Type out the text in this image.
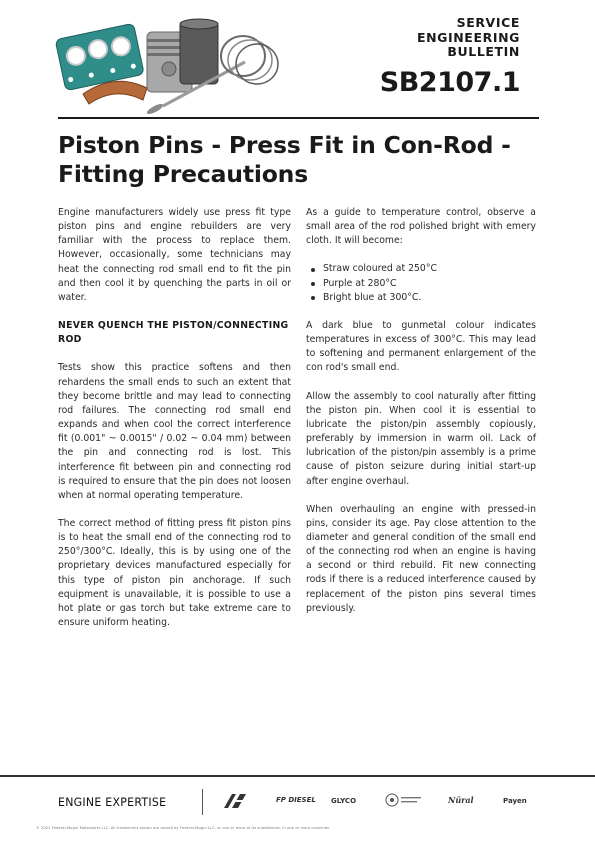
SERVICE
ENGINEERING
BULLETIN
SB2107.1
Piston Pins - Press Fit in Con-Rod - Fitting Precautions

Engine manufacturers widely use press fit type piston pins and engine rebuilders are very familiar with the process to replace them. However, occasionally, some technicians may heat the connecting rod small end to fit the pin and then cool it by quenching the parts in oil or water.

NEVER QUENCH THE PISTON/CONNECTING ROD

Tests show this practice softens and then rehardens the small ends to such an extent that they become brittle and may lead to connecting rod failures. The connecting rod small end expands and when cool the correct interference fit (0.001" ~ 0.0015" / 0.02 ~ 0.04 mm) between the pin and connecting rod is lost. This interference fit between pin and connecting rod is required to ensure that the pin does not loosen when at normal operating temperature.

The correct method of fitting press fit piston pins is to heat the small end of the connecting rod to 250°/300°C. Ideally, this is by using one of the proprietary devices manufactured especially for this type of piston pin anchorage. If such equipment is unavailable, it is possible to use a hot plate or gas torch but take extreme care to ensure uniform heating.

As a guide to temperature control, observe a small area of the rod polished bright with emery cloth. It will become:

Straw coloured at 250°C
Purple at 280°C
Bright blue at 300°C.

A dark blue to gunmetal colour indicates temperatures in excess of 300°C. This may lead to softening and permanent enlargement of the con rod's small end.

Allow the assembly to cool naturally after fitting the piston pin. When cool it is essential to lubricate the piston/pin assembly copiously, preferably by immersion in warm oil. Lack of lubrication of the piston/pin assembly is a prime cause of piston seizure during initial start-up after engine overhaul.

When overhauling an engine with pressed-in pins, consider its age. Pay close attention to the diameter and general condition of the small end of the connecting rod when an engine is having a second or third rebuild. Fit new connecting rods if there is a reduced interference caused by replacement of the piston pins several times previously.

ENGINE EXPERTISE	FP DIESEL GLYCO	Nüral	Payen
© 2021 Federal-Mogul Motorparts LLC. All trademarks shown are owned by Federal-Mogul LLC, or one or more of its subsidiaries, in one or more countries.
